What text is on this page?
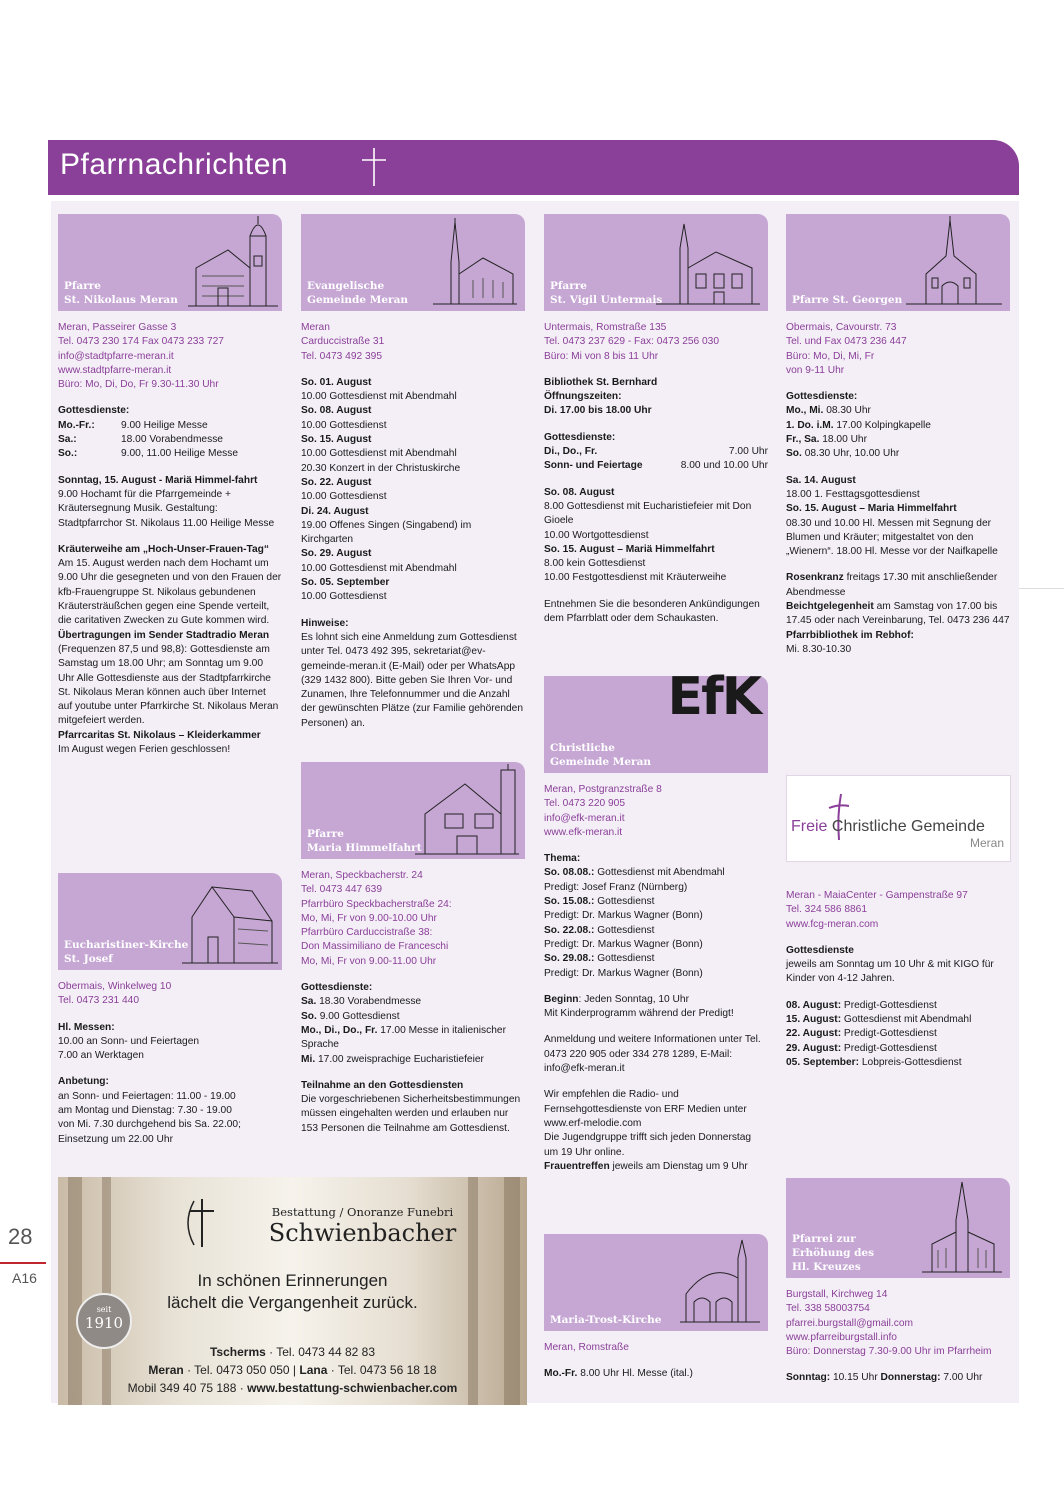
Pfarrnachrichten
28
A16
Pfarre
St. Nikolaus Meran
Meran, Passeirer Gasse 3
Tel. 0473 230 174 Fax 0473 233 727
info@stadtpfarre-meran.it
www.stadtpfarre-meran.it
Büro: Mo, Di, Do, Fr 9.30-11.30 Uhr
Gottesdienste:
Mo.-Fr.:	9.00 Heilige Messe
Sa.:	18.00 Vorabendmesse
So.:	9.00, 11.00 Heilige Messe
Sonntag, 15. August - Mariä Himmel-fahrt
9.00 Hochamt für die Pfarrgemeinde + Kräutersegnung Musik. Gestaltung: Stadtpfarrchor St. Nikolaus 11.00 Heilige Messe
Kräuterweihe am „Hoch-Unser-Frauen-Tag“
Am 15. August werden nach dem Hochamt um 9.00 Uhr die gesegneten und von den Frauen der kfb-Frauengruppe St. Nikolaus gebundenen Kräutersträußchen gegen eine Spende verteilt, die caritativen Zwecken zu Gute kommen wird.
Übertragungen im Sender Stadtradio Meran
(Frequenzen 87,5 und 98,8): Gottesdienste am Samstag um 18.00 Uhr; am Sonntag um 9.00 Uhr Alle Gottesdienste aus der Stadtpfarrkirche St. Nikolaus Meran können auch über Internet auf youtube unter Pfarrkirche St. Nikolaus Meran mitgefeiert werden.
Pfarrcaritas St. Nikolaus – Kleiderkammer
Im August wegen Ferien geschlossen!
Eucharistiner-Kirche
St. Josef
Obermais, Winkelweg 10
Tel. 0473 231 440
Hl. Messen:
10.00 an Sonn- und Feiertagen
7.00 an Werktagen
Anbetung:
an Sonn- und Feiertagen: 11.00 - 19.00
am Montag und Dienstag: 7.30 - 19.00
von Mi. 7.30 durchgehend bis Sa. 22.00;
Einsetzung um 22.00 Uhr
Evangelische
Gemeinde Meran
Meran
Carduccistraße 31
Tel. 0473 492 395
So. 01. August
10.00 Gottesdienst mit Abendmahl
So. 08. August
10.00 Gottesdienst
So. 15. August
10.00 Gottesdienst mit Abendmahl
20.30 Konzert in der Christuskirche
So. 22. August
10.00 Gottesdienst
Di. 24. August
19.00 Offenes Singen (Singabend) im Kirchgarten
So. 29. August
10.00 Gottesdienst mit Abendmahl
So. 05. September
10.00 Gottesdienst
Hinweise:
Es lohnt sich eine Anmeldung zum Gottesdienst unter Tel. 0473 492 395, sekretariat@ev-gemeinde-meran.it (E-Mail) oder per WhatsApp (329 1432 800). Bitte geben Sie Ihren Vor- und Zunamen, Ihre Telefonnummer und die Anzahl der gewünschten Plätze (zur Familie gehörenden Personen) an.
Pfarre
Maria Himmelfahrt
Meran, Speckbacherstr. 24
Tel. 0473 447 639
Pfarrbüro Speckbacherstraße 24:
Mo, Mi, Fr von 9.00-10.00 Uhr
Pfarrbüro Carduccistraße 38:
Don Massimiliano de Franceschi
Mo, Mi, Fr von 9.00-11.00 Uhr
Gottesdienste:
Sa. 18.30 Vorabendmesse
So. 9.00 Gottesdienst
Mo., Di., Do., Fr. 17.00 Messe in italienischer Sprache
Mi. 17.00 zweisprachige Eucharistiefeier
Teilnahme an den Gottesdiensten
Die vorgeschriebenen Sicherheitsbestimmungen müssen eingehalten werden und erlauben nur 153 Personen die Teilnahme am Gottesdienst.
Pfarre
St. Vigil Untermais
Untermais, Romstraße 135
Tel. 0473 237 629 - Fax: 0473 256 030
Büro: Mi von 8 bis 11 Uhr
Bibliothek St. Bernhard
Öffnungszeiten:
Di. 17.00 bis 18.00 Uhr
Gottesdienste:
Di., Do., Fr.	7.00 Uhr
Sonn- und Feiertage	8.00 und 10.00 Uhr
So. 08. August
8.00 Gottesdienst mit Eucharistiefeier mit Don Gioele
10.00 Wortgottesdienst
So. 15. August – Mariä Himmelfahrt
8.00 kein Gottesdienst
10.00 Festgottesdienst mit Kräuterweihe
Entnehmen Sie die besonderen Ankündigungen dem Pfarrblatt oder dem Schaukasten.
EfK
Christliche
Gemeinde Meran
Meran, Postgranzstraße 8
Tel. 0473 220 905
info@efk-meran.it
www.efk-meran.it
Thema:
So. 08.08.: Gottesdienst mit Abendmahl
Predigt: Josef Franz (Nürnberg)
So. 15.08.: Gottesdienst
Predigt: Dr. Markus Wagner (Bonn)
So. 22.08.: Gottesdienst
Predigt: Dr. Markus Wagner (Bonn)
So. 29.08.: Gottesdienst
Predigt: Dr. Markus Wagner (Bonn)
Beginn: Jeden Sonntag, 10 Uhr
Mit Kinderprogramm während der Predigt!
Anmeldung und weitere Informationen unter Tel. 0473 220 905 oder 334 278 1289, E-Mail: info@efk-meran.it
Wir empfehlen die Radio- und Fernsehgottesdienste von ERF Medien unter www.erf-melodie.com
Die Jugendgruppe trifft sich jeden Donnerstag um 19 Uhr online.
Frauentreffen jeweils am Dienstag um 9 Uhr
Maria-Trost-Kirche
Meran, Romstraße
Mo.-Fr. 8.00 Uhr Hl. Messe (ital.)
Pfarre St. Georgen
Obermais, Cavourstr. 73
Tel. und Fax 0473 236 447
Büro: Mo, Di, Mi, Fr
von 9-11 Uhr
Gottesdienste:
Mo., Mi. 08.30 Uhr
1. Do. i.M. 17.00 Kolpingkapelle
Fr., Sa. 18.00 Uhr
So. 08.30 Uhr, 10.00 Uhr
Sa. 14. August
18.00 1. Festtagsgottesdienst
So. 15. August – Maria Himmelfahrt
08.30 und 10.00 Hl. Messen mit Segnung der Blumen und Kräuter; mitgestaltet von den „Wienern“. 18.00 Hl. Messe vor der Naifkapelle
Rosenkranz freitags 17.30 mit anschließender Abendmesse
Beichtgelegenheit am Samstag von 17.00 bis 17.45 oder nach Vereinbarung, Tel. 0473 236 447
Pfarrbibliothek im Rebhof:
Mi. 8.30-10.30
Freie Christliche Gemeinde
Meran
Meran - MaiaCenter - Gampenstraße 97
Tel. 324 586 8861
www.fcg-meran.com
Gottesdienste
jeweils am Sonntag um 10 Uhr & mit KIGO für Kinder von 4-12 Jahren.
08. August: Predigt-Gottesdienst
15. August: Gottesdienst mit Abendmahl
22. August: Predigt-Gottesdienst
29. August: Predigt-Gottesdienst
05. September: Lobpreis-Gottesdienst
Pfarrei zur
Erhöhung des
Hl. Kreuzes
Burgstall, Kirchweg 14
Tel. 338 58003754
pfarrei.burgstall@gmail.com
www.pfarreiburgstall.info
Büro: Donnerstag 7.30-9.00 Uhr im Pfarrheim
Sonntag: 10.15 Uhr Donnerstag: 7.00 Uhr
Bestattung / Onoranze Funebri
Schwienbacher
In schönen Erinnerungen
lächelt die Vergangenheit zurück.
seit
1910
Tscherms · Tel. 0473 44 82 83
Meran · Tel. 0473 050 050 | Lana · Tel. 0473 56 18 18
Mobil 349 40 75 188 · www.bestattung-schwienbacher.com
